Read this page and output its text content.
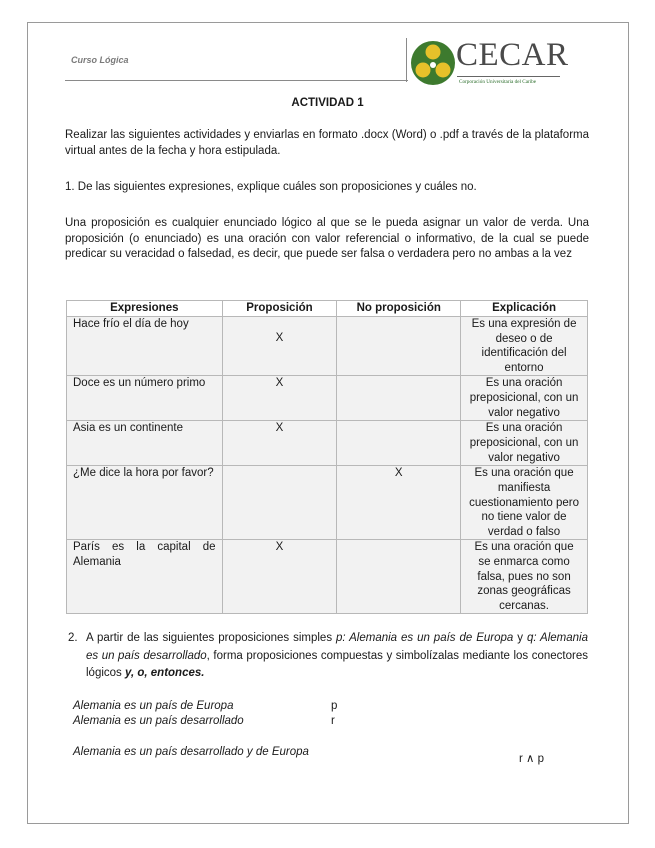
Curso Lógica	CECAR
Corporación Universitaria del Caribe
ACTIVIDAD 1
Realizar las siguientes actividades y enviarlas en formato .docx (Word) o .pdf a través de la plataforma virtual antes de la fecha y hora estipulada.
1. De las siguientes expresiones, explique cuáles son proposiciones y cuáles no.
Una proposición es cualquier enunciado lógico al que se le pueda asignar un valor de verda. Una proposición (o enunciado) es una oración con valor referencial o informativo, de la cual se puede predicar su veracidad o falsedad, es decir, que puede ser falsa o verdadera pero no ambas a la vez
Expresiones	Proposición	No proposición	Explicación
Hace frío el día de hoy	X		Es una expresión de deseo o de identificación del entorno
Doce es un número primo	X		Es una oración preposicional, con un valor negativo
Asia es un continente	X		Es una oración preposicional, con un valor negativo
¿Me dice la hora por favor?		X	Es una oración que manifiesta cuestionamiento pero no tiene valor de verdad o falso
París es la capital de Alemania	X		Es una oración que se enmarca como falsa, pues no son zonas geográficas cercanas.
2. A partir de las siguientes proposiciones simples p: Alemania es un país de Europa y q: Alemania es un país desarrollado, forma proposiciones compuestas y simbolízalas mediante los conectores lógicos y, o, entonces.
Alemania es un país de Europa	p
Alemania es un país desarrollado	r
Alemania es un país desarrollado y de Europa
r ∧ p
